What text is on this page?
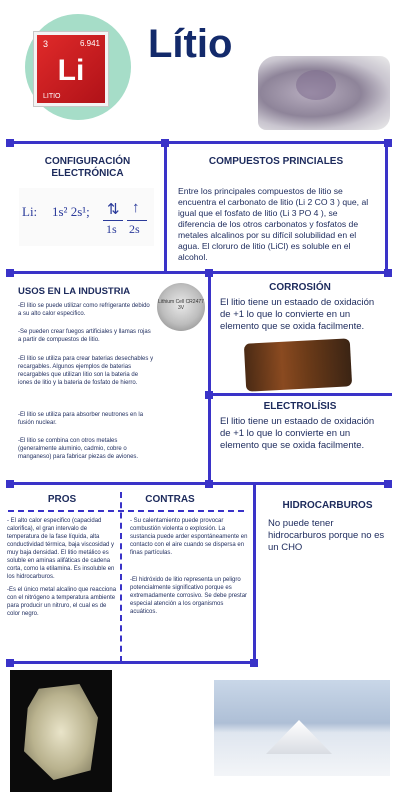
3	6.941
Li
LITIO
Lítio
CONFIGURACIÓN ELECTRÓNICA
Li: 1s² 2s¹; ⇅ ↑
1s 2s
COMPUESTOS PRINCIALES
Entre los principales compuestos de litio se encuentra el carbonato de litio (Li 2 CO 3 ) que, al igual que el fosfato de litio (Li 3 PO 4 ), se diferencia de los otros carbonatos y fosfatos de metales alcalinos por su difícil solubilidad en el agua. El cloruro de litio (LiCl) es soluble en el alcohol.
USOS EN LA INDUSTRIA
Lithium Cell CR2477 3V
-El litio se puede utilizar como refrigerante debido a su alto calor especifico.
-Se pueden crear fuegos artificiales y llamas rojas a partir de compuestos de litio.
-El litio se utiliza para crear baterias desechables y recargables. Algunos ejemplos de baterias recargables que utilizan litio son la bateria de iones de litio y la bateria de fosfato de hierro.
-El litio se utiliza para absorber neutrones en la fusión nuclear.
-El litio se combina con otros metales (generalmente aluminio, cadmio, cobre o manganeso) para fabricar piezas de aviones.
CORROSIÓN
El litio tiene un estaado de oxidación de +1 lo que lo convierte en un elemento que se oxida facilmente.
ELECTROLÍSIS
El litio tiene un estaado de oxidación de +1 lo que lo convierte en un elemento que se oxida facilmente.
PROS
- El alto calor especifico (capacidad calorifica), el gran intervalo de temperatura de la fase líquida, alta conductividad térmica, baja viscosidad y muy baja densidad. El litio metálico es soluble en aminas alifáticas de cadena corta, como la etilamina. Es insoluble en los hidrocarburos.
-Es el único metal alcalino que reacciona con el nitrógeno a temperatura ambiente para producir un nitruro, el cual es de color negro.
CONTRAS
- Su calentamiento puede provocar combustión violenta o explosión. La sustancia puede arder espontáneamente en contacto con el aire cuando se dispersa en finas partículas.
-El hidróxido de litio representa un peligro potencialmente significativo porque es extremadamente corrosivo. Se debe prestar especial atención a los organismos acuáticos.
HIDROCARBUROS
No puede tener hidrocarburos porque no es un CHO
